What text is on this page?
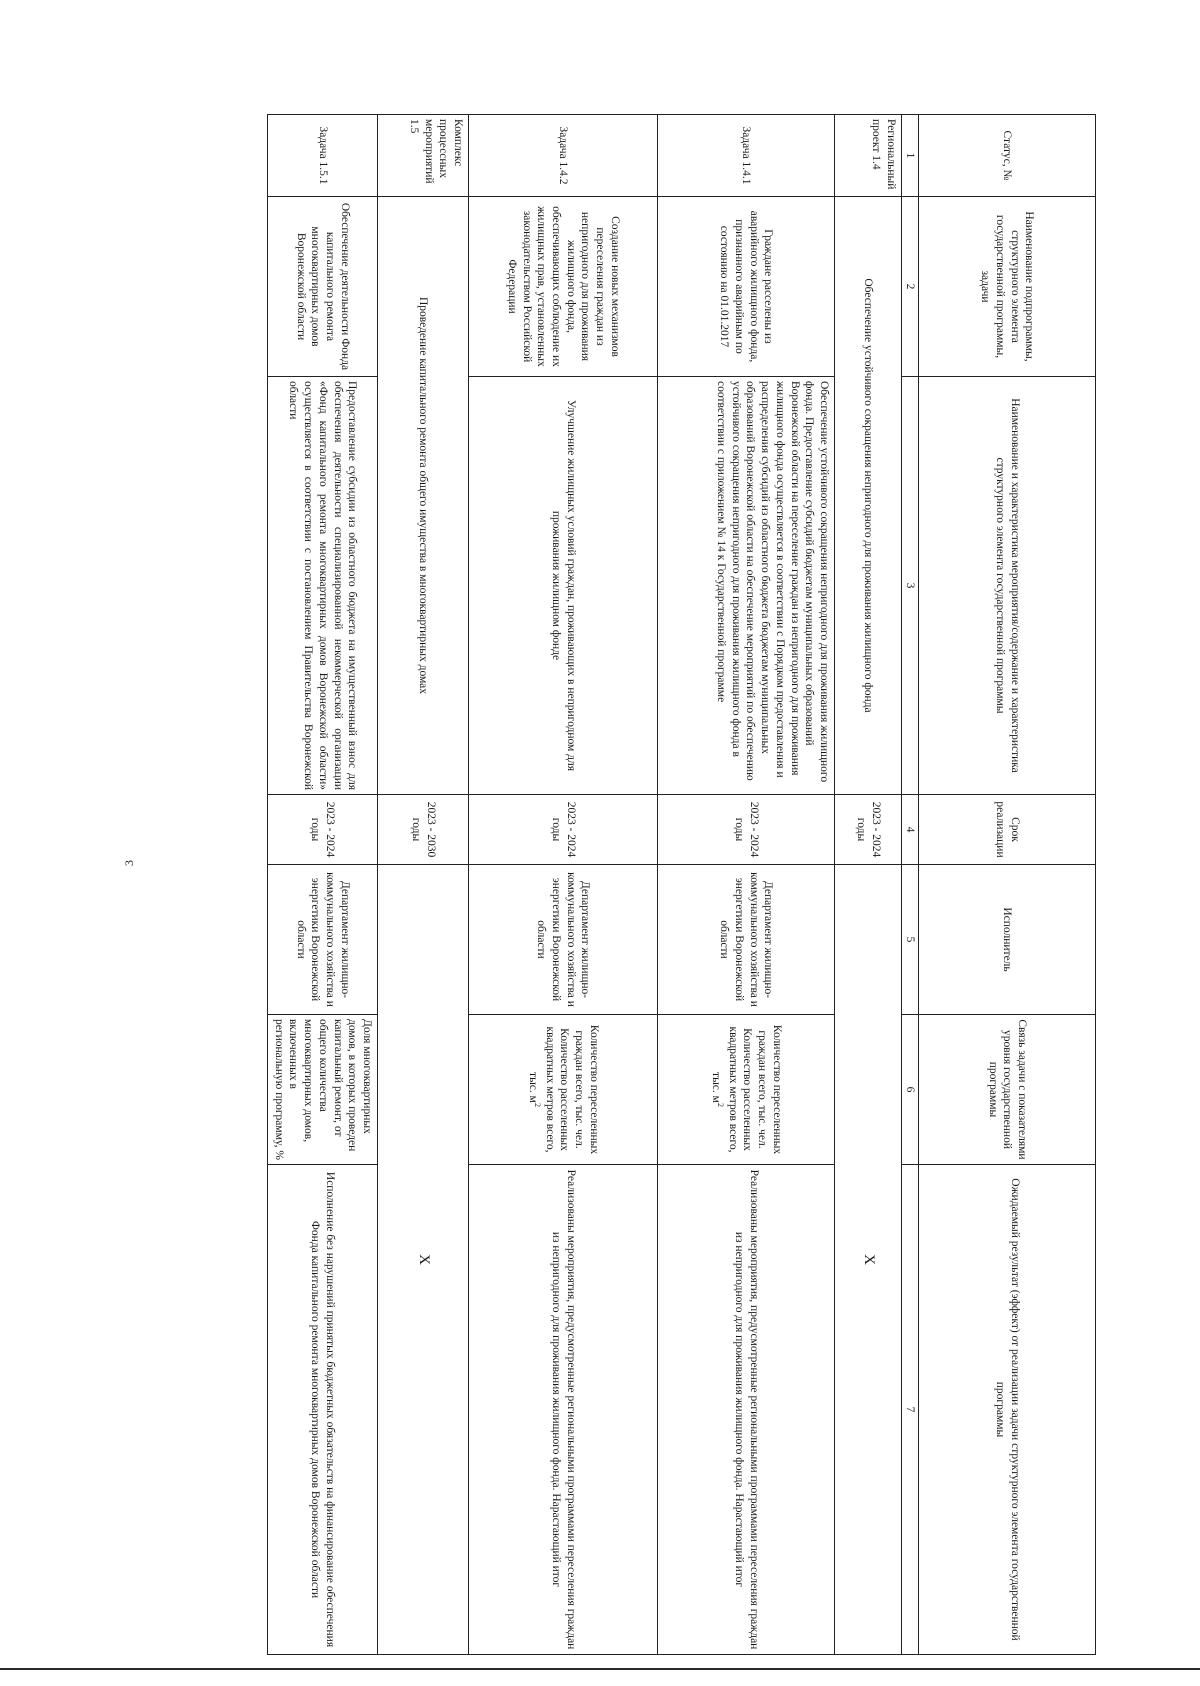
3
Статус, №	Наименование подпрограммы, структурного элемента государственной программы, задачи	Наименование и характеристика мероприятия/содержание и характеристика структурного элемента государственной программы	Срок реализации	Исполнитель	Связь задачи с показателями уровня государственной программы	Ожидаемый результат (эффект) от реализации задачи структурного элемента государственной программы
1	2	3	4	5	6	7
Региональный проект 1.4	Обеспечение устойчивого сокращения непригодного для проживания жилищного фонда		2023 - 2024 годы	X		
Задача 1.4.1	Граждане расселены из аварийного жилищного фонда, признанного аварийным по состоянию на 01.01.2017	Обеспечение устойчивого сокращения непригодного для проживания жилищного фонда. Предоставление субсидий бюджетам муниципальных образований Воронежской области на переселение граждан из непригодного для проживания жилищного фонда осуществляется в соответствии с Порядком предоставления и распределения субсидий из областного бюджета бюджетам муниципальных образований Воронежской области на обеспечение мероприятий по обеспечению устойчивого сокращения непригодного для проживания жилищного фонда в соответствии с приложением № 14 к Государственной программе	2023 - 2024 годы	Департамент жилищно-коммунального хозяйства и энергетики Воронежской области	Количество переселенных граждан всего, тыс. чел.
Количество расселенных квадратных метров всего, тыс. $м^2$	Реализованы мероприятия, предусмотренные региональными программами переселения граждан из непригодного для проживания жилищного фонда. Нарастающий итог
Задача 1.4.2	Создание новых механизмов переселения граждан из непригодного для проживания жилищного фонда, обеспечивающих соблюдение их жилищных прав, установленных законодательством Российской Федерации	Улучшение жилищных условий граждан, проживающих в непригодном для проживания жилищном фонде	2023 - 2024 годы	Департамент жилищно-коммунального хозяйства и энергетики Воронежской области	Количество переселенных граждан всего, тыс. чел.
Количество расселенных квадратных метров всего, тыс. $м^2$	Реализованы мероприятия, предусмотренные региональными программами переселения граждан из непригодного для проживания жилищного фонда. Нарастающий итог
Комплекс процессных мероприятий 1.5	Проведение капитального ремонта общего имущества в многоквартирных домах		2023 - 2030 годы	X		
Задача 1.5.1	Обеспечение деятельности Фонда капитального ремонта многоквартирных домов Воронежской области	Предоставление субсидии из областного бюджета на имущественный взнос для обеспечения деятельности специализированной некоммерческой организации «Фонд капитального ремонта многоквартирных домов Воронежской области» осуществляется в соответствии с постановлением Правительства Воронежской области	2023 - 2024 годы	Департамент жилищно-коммунального хозяйства и энергетики Воронежской области	Доля многоквартирных домов, в которых проведен капитальный ремонт, от общего количества многоквартирных домов, включенных в региональную программу, %	Исполнение без нарушений принятых бюджетных обязательств на финансирование обеспечения Фонда капитального ремонта многоквартирных домов Воронежской области
